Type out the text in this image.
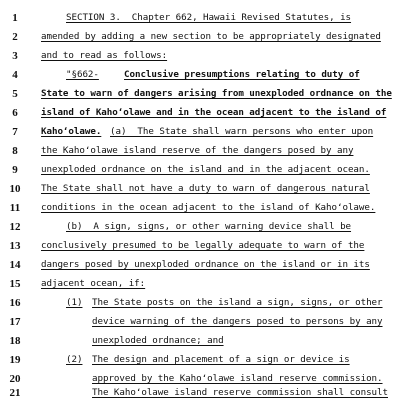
1	SECTION 3.  Chapter 662, Hawaii Revised Statutes, is
2	amended by adding a new section to be appropriately designated
3	and to read as follows:
4	"§662-	Conclusive presumptions relating to duty of
5	State to warn of dangers arising from unexploded ordnance on the
6	island of Kahoʻolawe and in the ocean adjacent to the island of
7	Kahoʻolawe. (a)  The State shall warn persons who enter upon
8	the Kahoʻolawe island reserve of the dangers posed by any
9	unexploded ordnance on the island and in the adjacent ocean.
10	The State shall not have a duty to warn of dangerous natural
11	conditions in the ocean adjacent to the island of Kahoʻolawe.
12	(b)  A sign, signs, or other warning device shall be
13	conclusively presumed to be legally adequate to warn of the
14	dangers posed by unexploded ordnance on the island or in its
15	adjacent ocean, if:
16	(1) The State posts on the island a sign, signs, or other
17	device warning of the dangers posed to persons by any
18	unexploded ordnance; and
19	(2) The design and placement of a sign or device is
20	approved by the Kahoʻolawe island reserve commission.
21	The Kahoʻolawe island reserve commission shall consult
